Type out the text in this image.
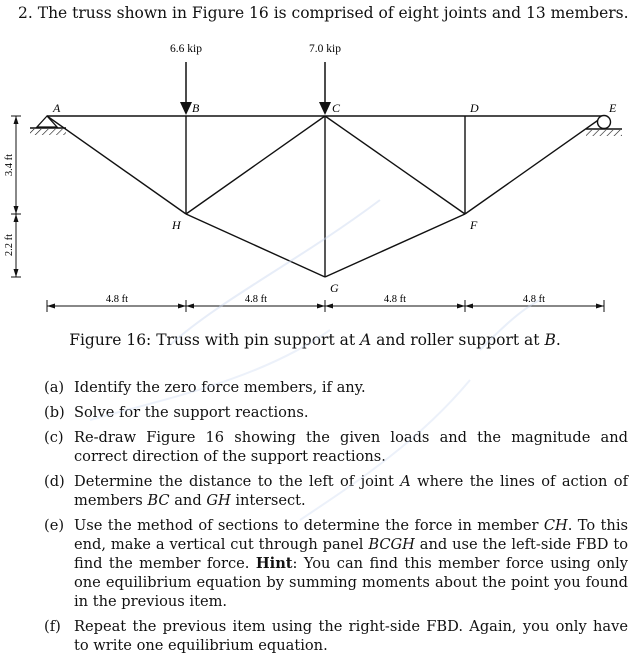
2. The truss shown in Figure 16 is comprised of eight joints and 13 members.
6.6 kip	7.0 kip
A	B	C	D	E
F
G
H
3.4 ft
2.2 ft
4.8 ft	4.8 ft	4.8 ft	4.8 ft
Figure 16: Truss with pin support at A and roller support at B.
(a) Identify the zero force members, if any.
(b) Solve for the support reactions.
(c) Re-draw Figure 16 showing the given loads and the magnitude and correct direction of the support reactions.
(d) Determine the distance to the left of joint A where the lines of action of members BC and GH intersect.
(e) Use the method of sections to determine the force in member CH. To this end, make a vertical cut through panel BCGH and use the left-side FBD to find the member force. Hint: You can find this member force using only one equilibrium equation by summing moments about the point you found in the previous item.
(f) Repeat the previous item using the right-side FBD. Again, you only have to write one equilibrium equation.
